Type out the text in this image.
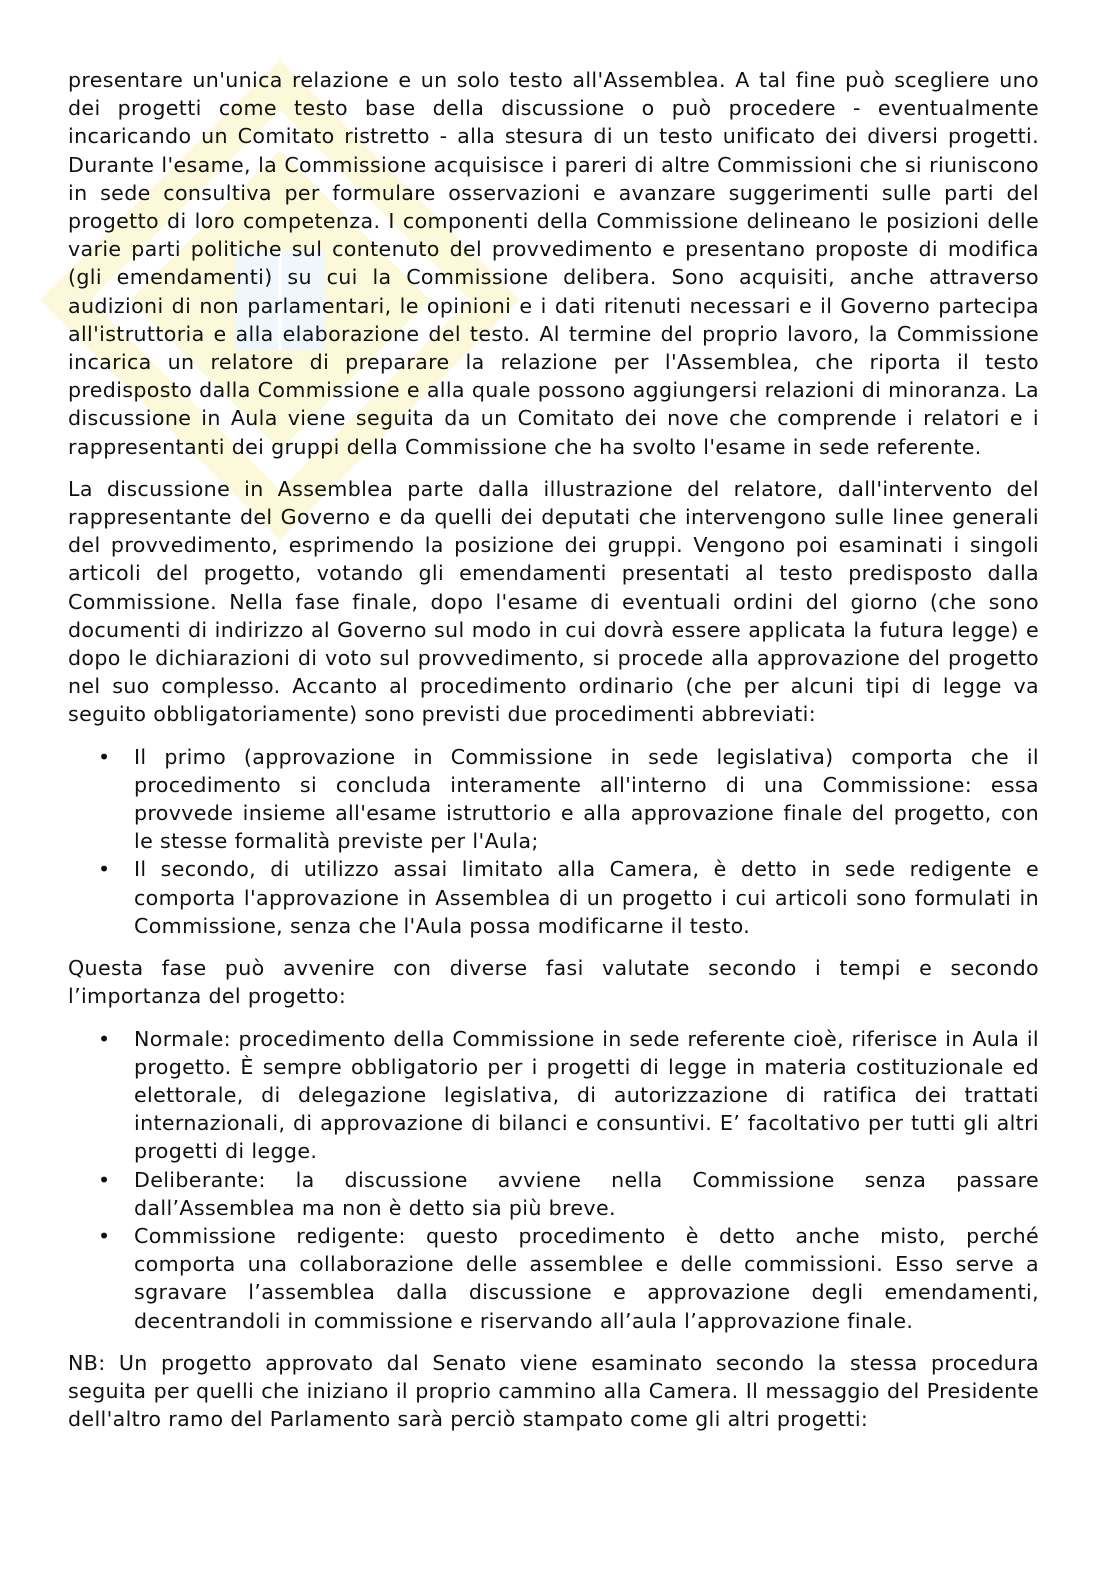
presentare un'unica relazione e un solo testo all'Assemblea. A tal fine può scegliere uno dei progetti come testo base della discussione o può procedere - eventualmente incaricando un Comitato ristretto - alla stesura di un testo unificato dei diversi progetti. Durante l'esame, la Commissione acquisisce i pareri di altre Commissioni che si riuniscono in sede consultiva per formulare osservazioni e avanzare suggerimenti sulle parti del progetto di loro competenza. I componenti della Commissione delineano le posizioni delle varie parti politiche sul contenuto del provvedimento e presentano proposte di modifica (gli emendamenti) su cui la Commissione delibera. Sono acquisiti, anche attraverso audizioni di non parlamentari, le opinioni e i dati ritenuti necessari e il Governo partecipa all'istruttoria e alla elaborazione del testo. Al termine del proprio lavoro, la Commissione incarica un relatore di preparare la relazione per l'Assemblea, che riporta il testo predisposto dalla Commissione e alla quale possono aggiungersi relazioni di minoranza. La discussione in Aula viene seguita da un Comitato dei nove che comprende i relatori e i rappresentanti dei gruppi della Commissione che ha svolto l'esame in sede referente.

La discussione in Assemblea parte dalla illustrazione del relatore, dall'intervento del rappresentante del Governo e da quelli dei deputati che intervengono sulle linee generali del provvedimento, esprimendo la posizione dei gruppi. Vengono poi esaminati i singoli articoli del progetto, votando gli emendamenti presentati al testo predisposto dalla Commissione. Nella fase finale, dopo l'esame di eventuali ordini del giorno (che sono documenti di indirizzo al Governo sul modo in cui dovrà essere applicata la futura legge) e dopo le dichiarazioni di voto sul provvedimento, si procede alla approvazione del progetto nel suo complesso. Accanto al procedimento ordinario (che per alcuni tipi di legge va seguito obbligatoriamente) sono previsti due procedimenti abbreviati:

• Il primo (approvazione in Commissione in sede legislativa) comporta che il procedimento si concluda interamente all'interno di una Commissione: essa provvede insieme all'esame istruttorio e alla approvazione finale del progetto, con le stesse formalità previste per l'Aula;
• Il secondo, di utilizzo assai limitato alla Camera, è detto in sede redigente e comporta l'approvazione in Assemblea di un progetto i cui articoli sono formulati in Commissione, senza che l'Aula possa modificarne il testo.

Questa fase può avvenire con diverse fasi valutate secondo i tempi e secondo l’importanza del progetto:

• Normale: procedimento della Commissione in sede referente cioè, riferisce in Aula il progetto. È sempre obbligatorio per i progetti di legge in materia costituzionale ed elettorale, di delegazione legislativa, di autorizzazione di ratifica dei trattati internazionali, di approvazione di bilanci e consuntivi. E’ facoltativo per tutti gli altri progetti di legge.
• Deliberante: la discussione avviene nella Commissione senza passare dall’Assemblea ma non è detto sia più breve.
• Commissione redigente: questo procedimento è detto anche misto, perché comporta una collaborazione delle assemblee e delle commissioni. Esso serve a sgravare l’assemblea dalla discussione e approvazione degli emendamenti, decentrandoli in commissione e riservando all’aula l’approvazione finale.

NB: Un progetto approvato dal Senato viene esaminato secondo la stessa procedura seguita per quelli che iniziano il proprio cammino alla Camera. Il messaggio del Presidente dell'altro ramo del Parlamento sarà perciò stampato come gli altri progetti:
